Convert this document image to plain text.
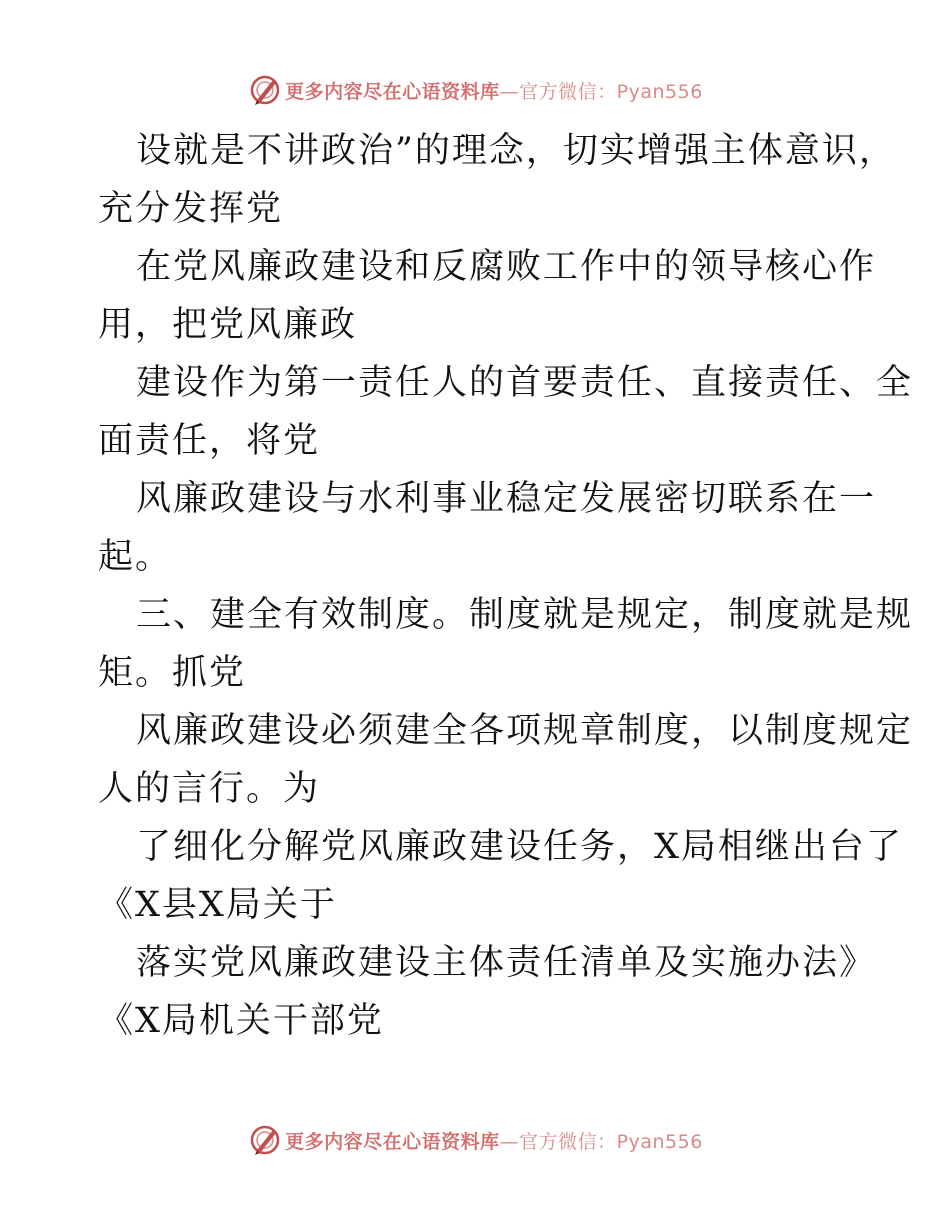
更多内容尽在心语资料库 —官方微信：Pyan556
设就是不讲政治”的理念，切实增强主体意识，
充分发挥党
在党风廉政建设和反腐败工作中的领导核心作
用，把党风廉政
建设作为第一责任人的首要责任、直接责任、全
面责任，将党
风廉政建设与水利事业稳定发展密切联系在一
起。
三、建全有效制度。制度就是规定，制度就是规
矩。抓党
风廉政建设必须建全各项规章制度，以制度规定
人的言行。为
了细化分解党风廉政建设任务，X局相继出台了
《X县X局关于
落实党风廉政建设主体责任清单及实施办法》
《X局机关干部党
更多内容尽在心语资料库 —官方微信：Pyan556
